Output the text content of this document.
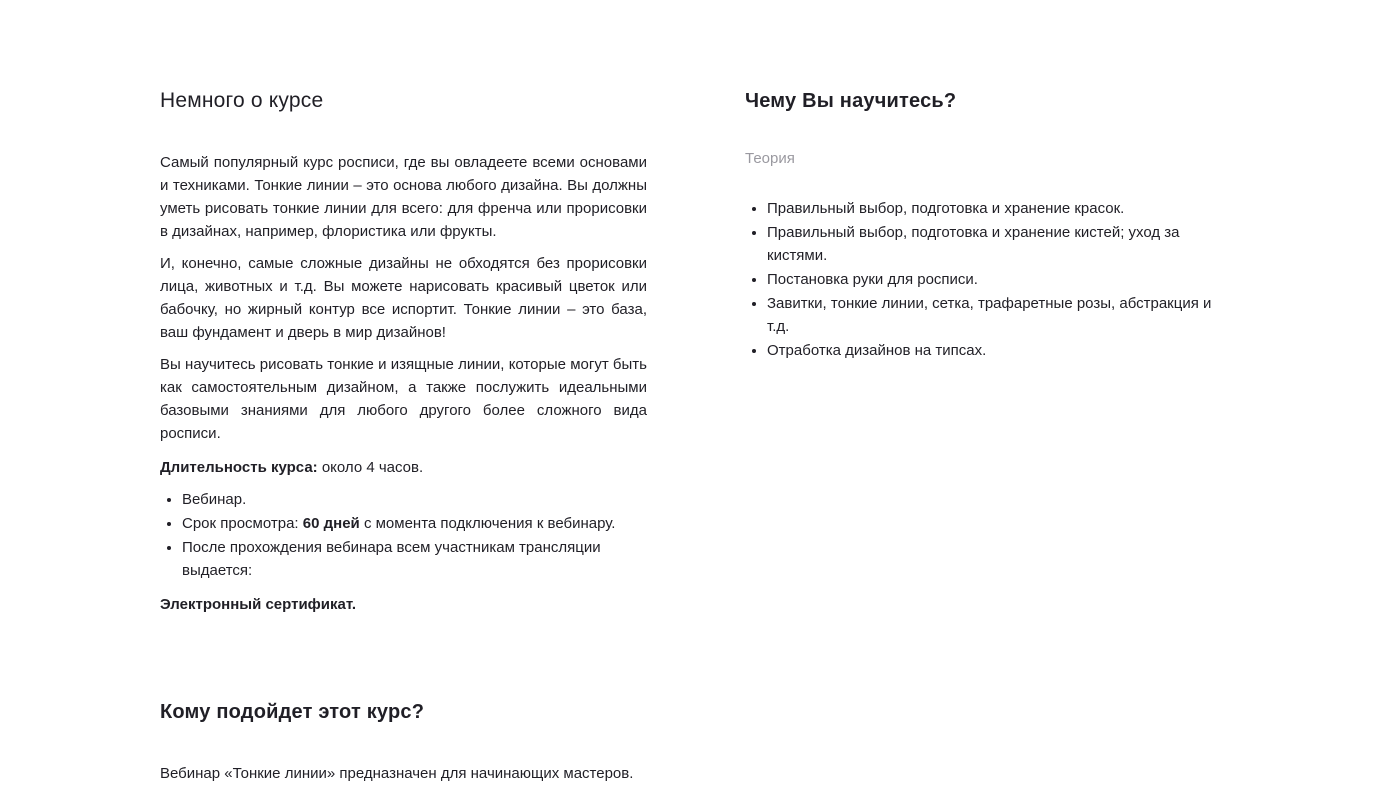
Немного о курсе

Самый популярный курс росписи, где вы овладеете всеми основами и техниками. Тонкие линии – это основа любого дизайна. Вы должны уметь рисовать тонкие линии для всего: для френча или прорисовки в дизайнах, например, флористика или фрукты.

И, конечно, самые сложные дизайны не обходятся без прорисовки лица, животных и т.д. Вы можете нарисовать красивый цветок или бабочку, но жирный контур все испортит. Тонкие линии – это база, ваш фундамент и дверь в мир дизайнов!

Вы научитесь рисовать тонкие и изящные линии, которые могут быть как самостоятельным дизайном, а также послужить идеальными базовыми знаниями для любого другого более сложного вида росписи.

Длительность курса: около 4 часов.

Вебинар.
Срок просмотра: 60 дней с момента подключения к вебинару.
После прохождения вебинара всем участникам трансляции выдается:

Электронный сертификат.

Кому подойдет этот курс?

Вебинар «Тонкие линии» предназначен для начинающих мастеров.

Чему Вы научитесь?
Теория
Правильный выбор, подготовка и хранение красок.
Правильный выбор, подготовка и хранение кистей; уход за кистями.
Постановка руки для росписи.
Завитки, тонкие линии, сетка, трафаретные розы, абстракция и т.д.
Отработка дизайнов на типсах.
